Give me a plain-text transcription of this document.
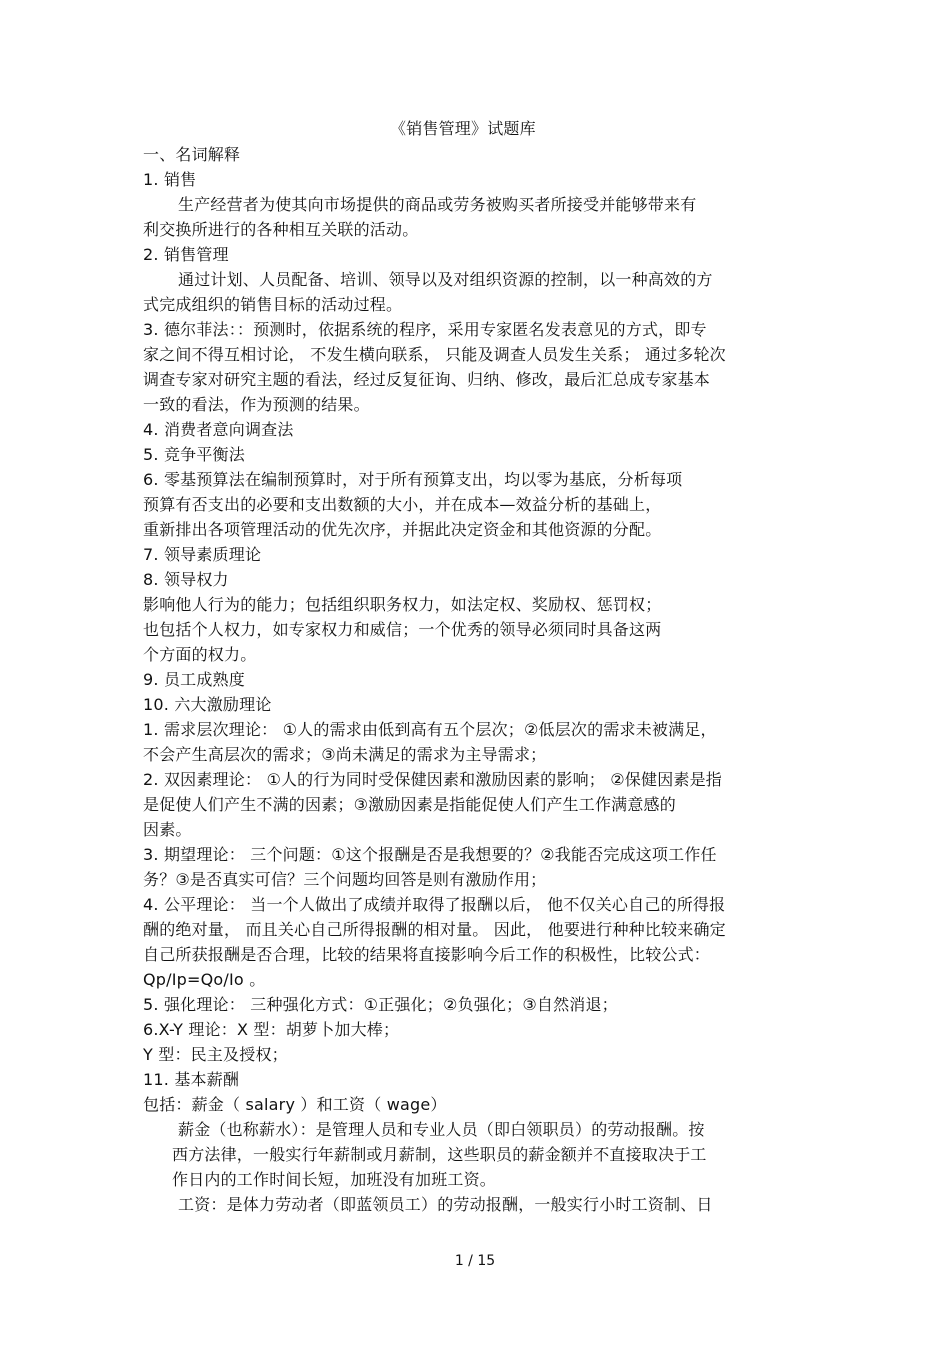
《销售管理》试题库
一、名词解释
1. 销售
生产经营者为使其向市场提供的商品或劳务被购买者所接受并能够带来有
利交换所进行的各种相互关联的活动。
2. 销售管理
通过计划、人员配备、培训、领导以及对组织资源的控制，以一种高效的方
式完成组织的销售目标的活动过程。
3. 德尔菲法：：预测时，依据系统的程序，采用专家匿名发表意见的方式，即专
家之间不得互相讨论， 不发生横向联系， 只能及调查人员发生关系； 通过多轮次
调查专家对研究主题的看法，经过反复征询、归纳、修改，最后汇总成专家基本
一致的看法，作为预测的结果。
4. 消费者意向调查法
5. 竞争平衡法
6. 零基预算法在编制预算时，对于所有预算支出，均以零为基底，分析每项
预算有否支出的必要和支出数额的大小，并在成本—效益分析的基础上，
重新排出各项管理活动的优先次序，并据此决定资金和其他资源的分配。
7. 领导素质理论
8. 领导权力
影响他人行为的能力；包括组织职务权力，如法定权、奖励权、惩罚权；
也包括个人权力，如专家权力和威信；一个优秀的领导必须同时具备这两
个方面的权力。
9. 员工成熟度
10. 六大激励理论
1. 需求层次理论： ①人的需求由低到高有五个层次；②低层次的需求未被满足，
不会产生高层次的需求；③尚未满足的需求为主导需求；
2. 双因素理论： ①人的行为同时受保健因素和激励因素的影响； ②保健因素是指
是促使人们产生不满的因素；③激励因素是指能促使人们产生工作满意感的
因素。
3. 期望理论： 三个问题：①这个报酬是否是我想要的？②我能否完成这项工作任
务？③是否真实可信？三个问题均回答是则有激励作用；
4. 公平理论： 当一个人做出了成绩并取得了报酬以后， 他不仅关心自己的所得报
酬的绝对量， 而且关心自己所得报酬的相对量。 因此， 他要进行种种比较来确定
自己所获报酬是否合理，比较的结果将直接影响今后工作的积极性，比较公式：
Qp/Ip=Qo/Io 。
5. 强化理论： 三种强化方式：①正强化；②负强化；③自然消退；
6.X-Y 理论：X 型：胡萝卜加大棒；
Y 型：民主及授权；
11. 基本薪酬
包括：薪金（ salary ）和工资（ wage）
薪金（也称薪水）：是管理人员和专业人员（即白领职员）的劳动报酬。按
西方法律，一般实行年薪制或月薪制，这些职员的薪金额并不直接取决于工
作日内的工作时间长短，加班没有加班工资。
工资：是体力劳动者（即蓝领员工）的劳动报酬，一般实行小时工资制、日
1 / 15
